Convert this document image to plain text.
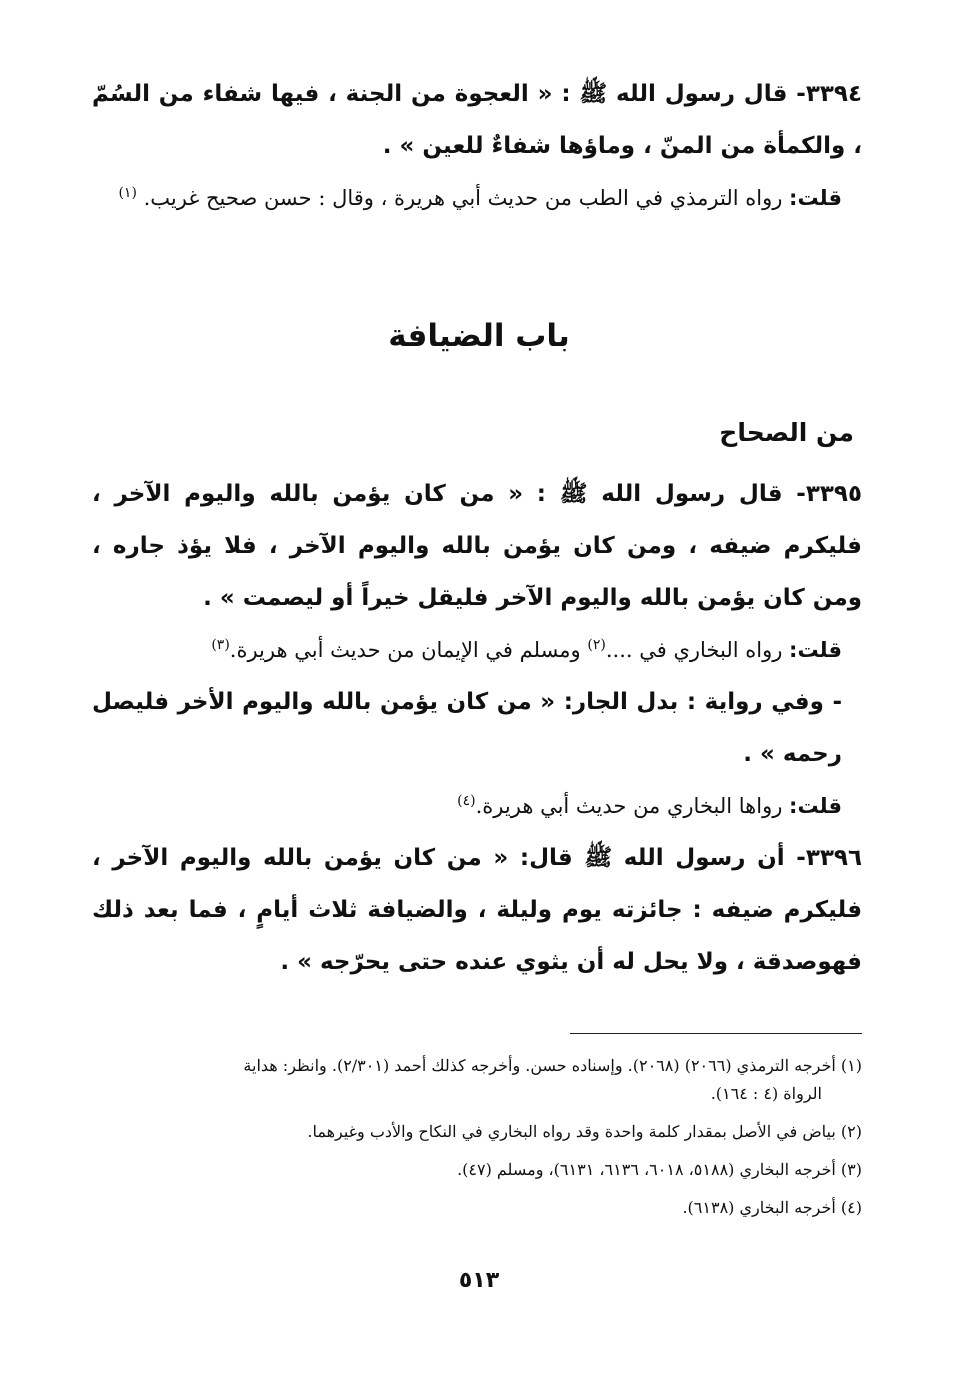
٣٣٩٤- قال رسول الله ﷺ : « العجوة من الجنة ، فيها شفاء من السُمّ ، والكمأة من المنّ ، وماؤها شفاءٌ للعين » .
قلت: رواه الترمذي في الطب من حديث أبي هريرة ، وقال : حسن صحيح غريب. $^{(١)}$
باب الضيافة
من الصحاح
٣٣٩٥- قال رسول الله ﷺ : « من كان يؤمن بالله واليوم الآخر ، فليكرم ضيفه ، ومن كان يؤمن بالله واليوم الآخر ، فلا يؤذ جاره ، ومن كان يؤمن بالله واليوم الآخر فليقل خيراً أو ليصمت » .
قلت: رواه البخاري في ....$^{(٢)}$ ومسلم في الإيمان من حديث أبي هريرة.$^{(٣)}$
- وفي رواية : بدل الجار: « من كان يؤمن بالله واليوم الأخر فليصل رحمه » .
قلت: رواها البخاري من حديث أبي هريرة.$^{(٤)}$
٣٣٩٦- أن رسول الله ﷺ قال: « من كان يؤمن بالله واليوم الآخر ، فليكرم ضيفه : جائزته يوم وليلة ، والضيافة ثلاث أيامٍ ، فما بعد ذلك فهوصدقة ، ولا يحل له أن يثوي عنده حتى يحرّجه » .
(١) أخرجه الترمذي (٢٠٦٦) (٢٠٦٨). وإسناده حسن. وأخرجه كذلك أحمد (٢/٣٠١). وانظر: هداية
الرواة (٤ : ١٦٤).
(٢) بياض في الأصل بمقدار كلمة واحدة وقد رواه البخاري في النكاح والأدب وغيرهما.
(٣) أخرجه البخاري (٥١٨٨، ٦٠١٨، ٦١٣٦، ٦١٣١)، ومسلم (٤٧).
(٤) أخرجه البخاري (٦١٣٨).
٥١٣
